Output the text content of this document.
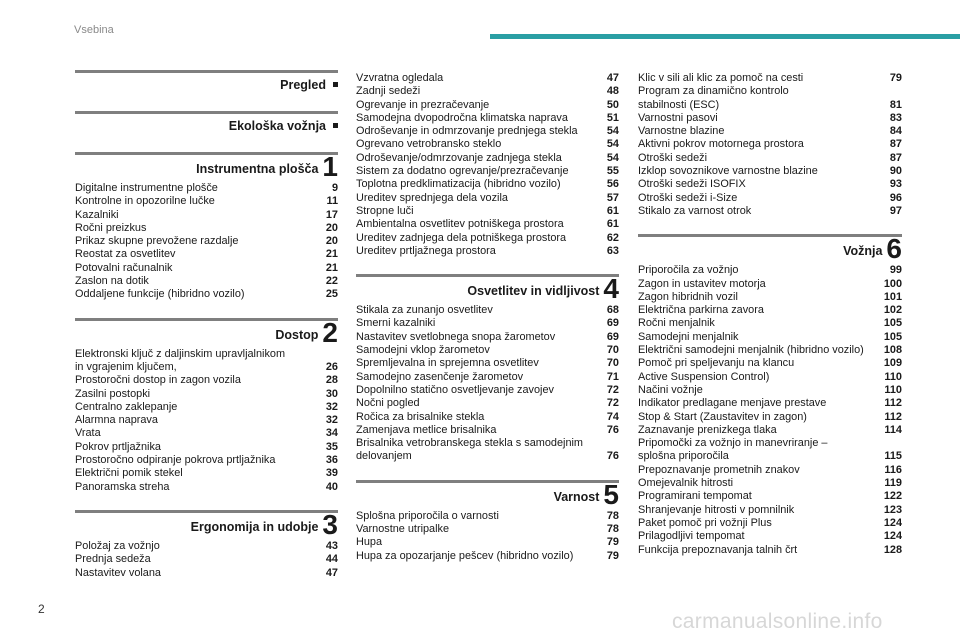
Vsebina
Pregled
Ekološka vožnja
Instrumentna plošča 1
Digitalne instrumentne plošče	9
Kontrolne in opozorilne lučke	11
Kazalniki	17
Ročni preizkus	20
Prikaz skupne prevožene razdalje	20
Reostat za osvetlitev	21
Potovalni računalnik	21
Zaslon na dotik	22
Oddaljene funkcije (hibridno vozilo)	25
Dostop 2
Elektronski ključ z daljinskim upravljalnikom
in vgrajenim ključem,	26
Prostoročni dostop in zagon vozila	28
Zasilni postopki	30
Centralno zaklepanje	32
Alarmna naprava	32
Vrata	34
Pokrov prtljažnika	35
Prostoročno odpiranje pokrova prtljažnika	36
Električni pomik stekel	39
Panoramska streha	40
Ergonomija in udobje 3
Položaj za vožnjo	43
Prednja sedeža	44
Nastavitev volana	47
Vzvratna ogledala	47
Zadnji sedeži	48
Ogrevanje in prezračevanje	50
Samodejna dvopodročna klimatska naprava	51
Odroševanje in odmrzovanje prednjega stekla	54
Ogrevano vetrobransko steklo	54
Odroševanje/odmrzovanje zadnjega stekla	54
Sistem za dodatno ogrevanje/prezračevanje	55
Toplotna predklimatizacija (hibridno vozilo)	56
Ureditev sprednjega dela vozila	57
Stropne luči	61
Ambientalna osvetlitev potniškega prostora	61
Ureditev zadnjega dela potniškega prostora	62
Ureditev prtljažnega prostora	63
Osvetlitev in vidljivost 4
Stikala za zunanjo osvetlitev	68
Smerni kazalniki	69
Nastavitev svetlobnega snopa žarometov	69
Samodejni vklop žarometov	70
Spremljevalna in sprejemna osvetlitev	70
Samodejno zasenčenje žarometov	71
Dopolnilno statično osvetljevanje zavojev	72
Nočni pogled	72
Ročica za brisalnike stekla	74
Zamenjava metlice brisalnika	76
Brisalnika vetrobranskega stekla s samodejnim
delovanjem	76
Varnost 5
Splošna priporočila o varnosti	78
Varnostne utripalke	78
Hupa	79
Hupa za opozarjanje pešcev (hibridno vozilo)	79
Klic v sili ali klic za pomoč na cesti	79
Program za dinamično kontrolo
stabilnosti (ESC)	81
Varnostni pasovi	83
Varnostne blazine	84
Aktivni pokrov motornega prostora	87
Otroški sedeži	87
Izklop sovoznikove varnostne blazine	90
Otroški sedeži ISOFIX	93
Otroški sedeži i-Size	96
Stikalo za varnost otrok	97
Vožnja 6
Priporočila za vožnjo	99
Zagon in ustavitev motorja	100
Zagon hibridnih vozil	101
Električna parkirna zavora	102
Ročni menjalnik	105
Samodejni menjalnik	105
Električni samodejni menjalnik (hibridno vozilo)	108
Pomoč pri speljevanju na klancu	109
Active Suspension Control)	110
Načini vožnje	110
Indikator predlagane menjave prestave	112
Stop & Start (Zaustavitev in zagon)	112
Zaznavanje prenizkega tlaka	114
Pripomočki za vožnjo in manevriranje –
splošna priporočila	115
Prepoznavanje prometnih znakov	116
Omejevalnik hitrosti	119
Programirani tempomat	122
Shranjevanje hitrosti v pomnilnik	123
Paket pomoč pri vožnji Plus	124
Prilagodljivi tempomat	124
Funkcija prepoznavanja talnih črt	128
2
carmanualsonline.info
